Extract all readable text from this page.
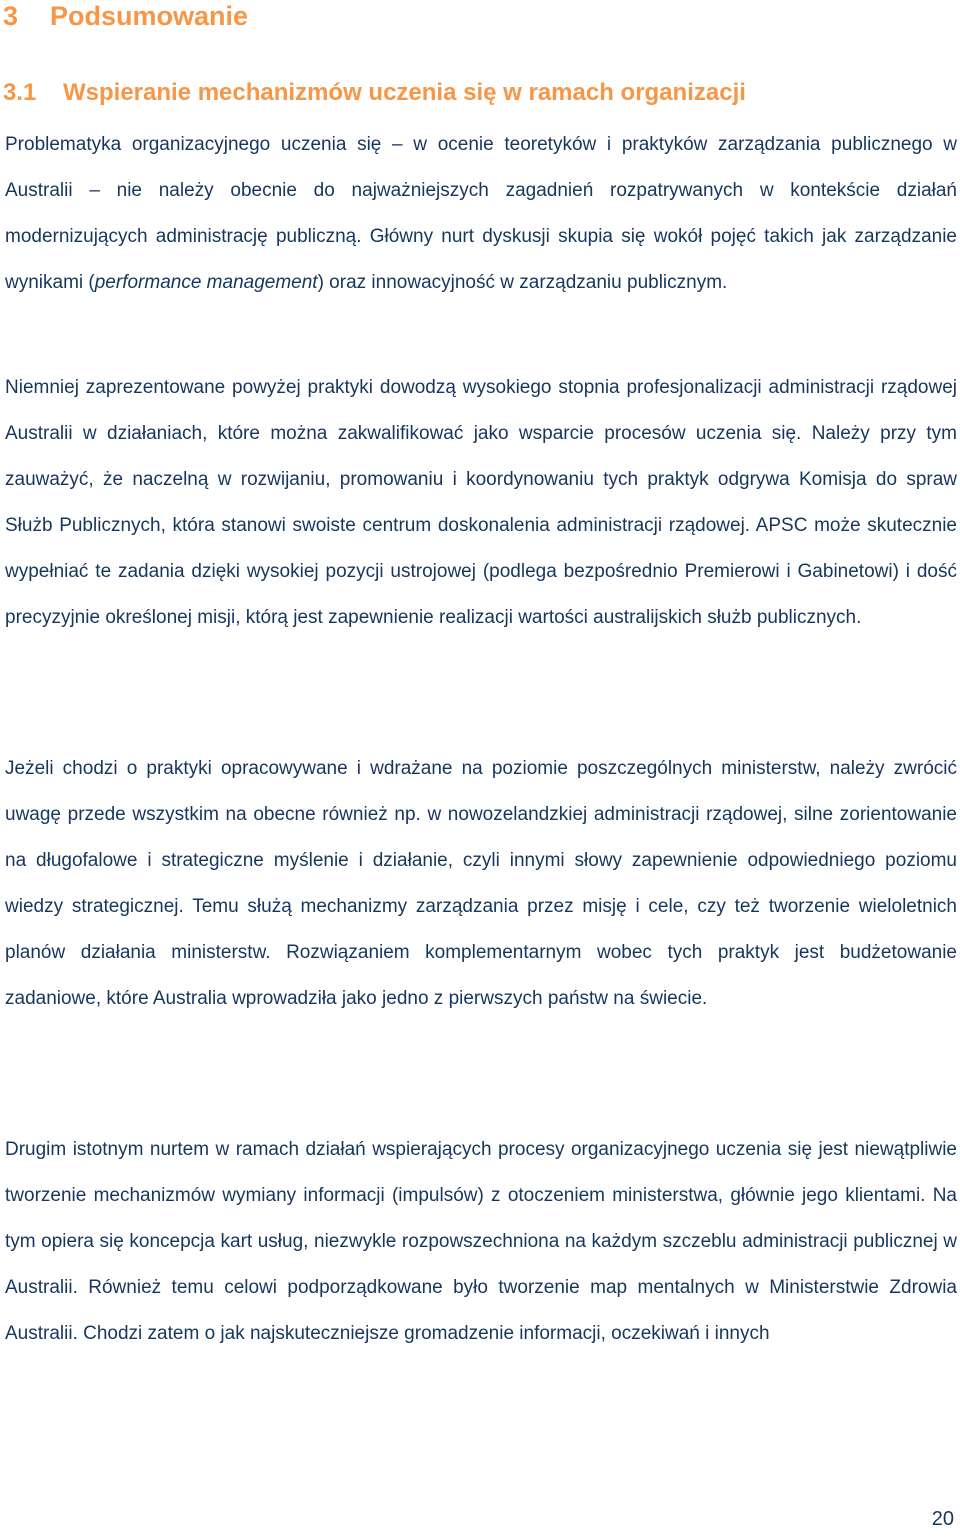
3 Podsumowanie
3.1 Wspieranie mechanizmów uczenia się w ramach organizacji

Problematyka organizacyjnego uczenia się – w ocenie teoretyków i praktyków zarządzania publicznego w Australii – nie należy obecnie do najważniejszych zagadnień rozpatrywanych w kontekście działań modernizujących administrację publiczną. Główny nurt dyskusji skupia się wokół pojęć takich jak zarządzanie wynikami (performance management) oraz innowacyjność w zarządzaniu publicznym.

Niemniej zaprezentowane powyżej praktyki dowodzą wysokiego stopnia profesjonalizacji administracji rządowej Australii w działaniach, które można zakwalifikować jako wsparcie procesów uczenia się. Należy przy tym zauważyć, że naczelną w rozwijaniu, promowaniu i koordynowaniu tych praktyk odgrywa Komisja do spraw Służb Publicznych, która stanowi swoiste centrum doskonalenia administracji rządowej. APSC może skutecznie wypełniać te zadania dzięki wysokiej pozycji ustrojowej (podlega bezpośrednio Premierowi i Gabinetowi) i dość precyzyjnie określonej misji, którą jest zapewnienie realizacji wartości australijskich służb publicznych.

Jeżeli chodzi o praktyki opracowywane i wdrażane na poziomie poszczególnych ministerstw, należy zwrócić uwagę przede wszystkim na obecne również np. w nowozelandzkiej administracji rządowej, silne zorientowanie na długofalowe i strategiczne myślenie i działanie, czyli innymi słowy zapewnienie odpowiedniego poziomu wiedzy strategicznej. Temu służą mechanizmy zarządzania przez misję i cele, czy też tworzenie wieloletnich planów działania ministerstw. Rozwiązaniem komplementarnym wobec tych praktyk jest budżetowanie zadaniowe, które Australia wprowadziła jako jedno z pierwszych państw na świecie.

Drugim istotnym nurtem w ramach działań wspierających procesy organizacyjnego uczenia się jest niewątpliwie tworzenie mechanizmów wymiany informacji (impulsów) z otoczeniem ministerstwa, głównie jego klientami. Na tym opiera się koncepcja kart usług, niezwykle rozpowszechniona na każdym szczeblu administracji publicznej w Australii. Również temu celowi podporządkowane było tworzenie map mentalnych w Ministerstwie Zdrowia Australii. Chodzi zatem o jak najskuteczniejsze gromadzenie informacji, oczekiwań i innych

20
